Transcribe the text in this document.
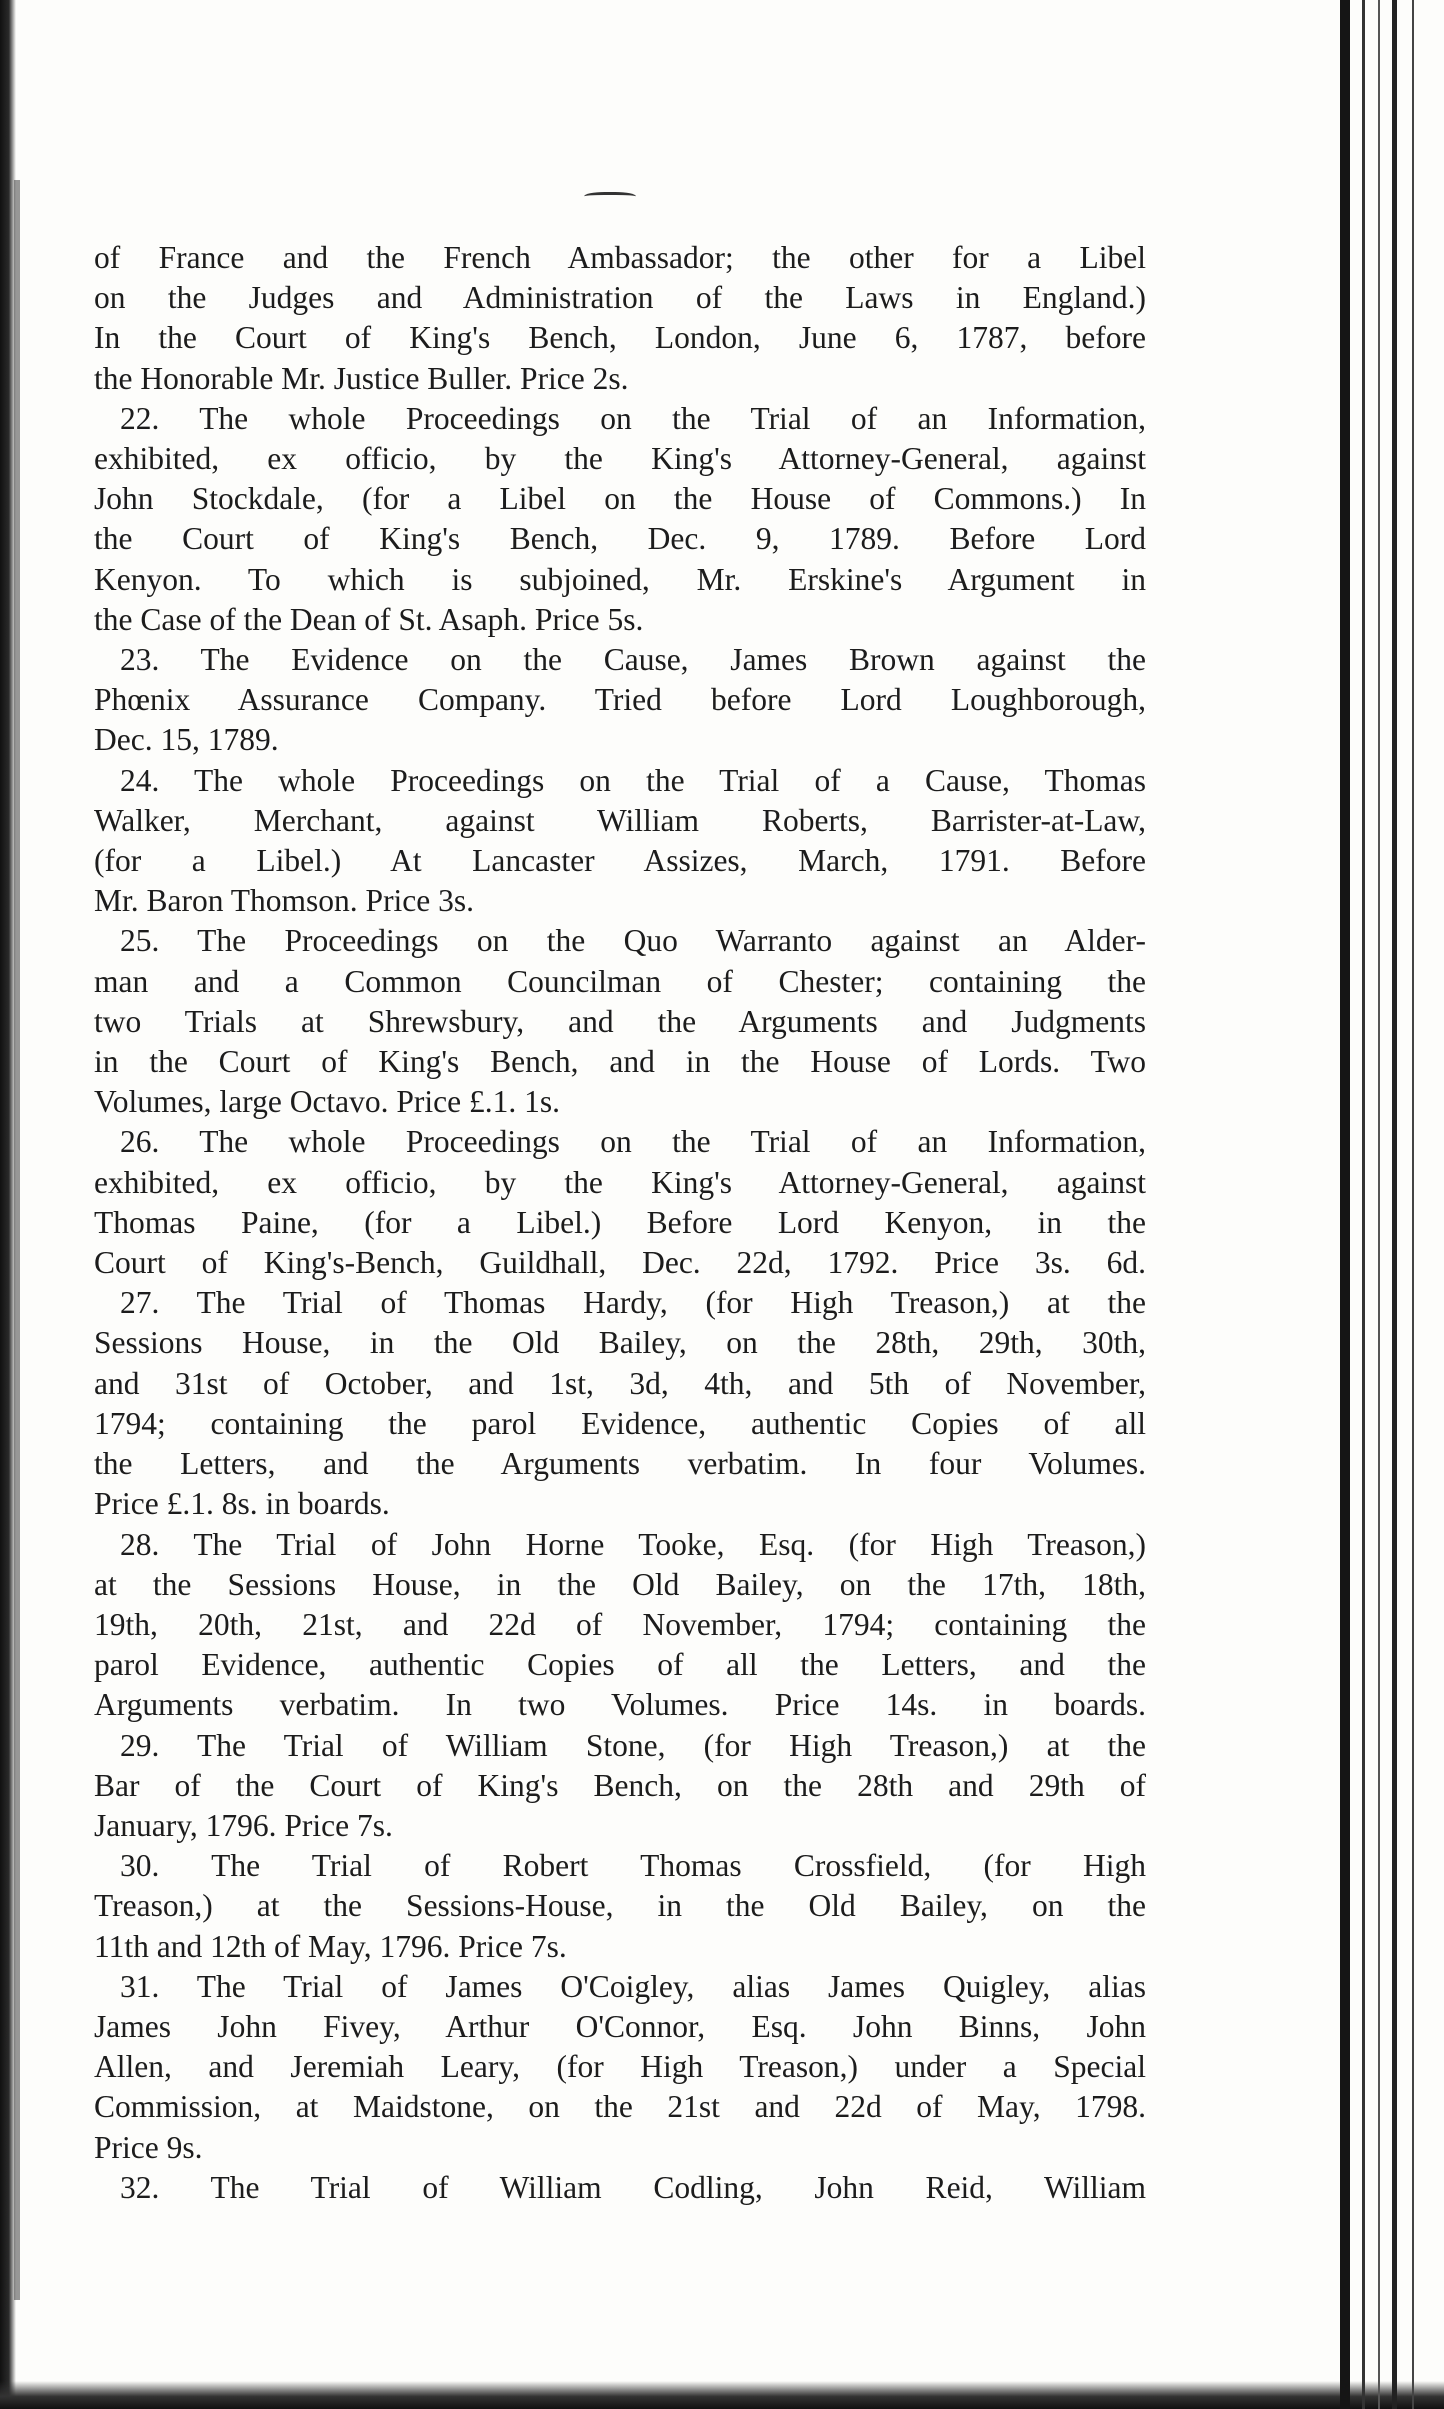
of France and the French Ambassador; the other for a Libel
on the Judges and Administration of the Laws in England.)
In the Court of King's Bench, London, June 6, 1787, before
the Honorable Mr. Justice Buller. Price 2s.
22. The whole Proceedings on the Trial of an Information,
exhibited, ex officio, by the King's Attorney-General, against
John Stockdale, (for a Libel on the House of Commons.) In
the Court of King's Bench, Dec. 9, 1789. Before Lord
Kenyon. To which is subjoined, Mr. Erskine's Argument in
the Case of the Dean of St. Asaph. Price 5s.
23. The Evidence on the Cause, James Brown against the
Phœnix Assurance Company. Tried before Lord Loughborough,
Dec. 15, 1789.
24. The whole Proceedings on the Trial of a Cause, Thomas
Walker, Merchant, against William Roberts, Barrister-at-Law,
(for a Libel.) At Lancaster Assizes, March, 1791. Before
Mr. Baron Thomson. Price 3s.
25. The Proceedings on the Quo Warranto against an Alder-
man and a Common Councilman of Chester; containing the
two Trials at Shrewsbury, and the Arguments and Judgments
in the Court of King's Bench, and in the House of Lords. Two
Volumes, large Octavo. Price £.1. 1s.
26. The whole Proceedings on the Trial of an Information,
exhibited, ex officio, by the King's Attorney-General, against
Thomas Paine, (for a Libel.) Before Lord Kenyon, in the
Court of King's-Bench, Guildhall, Dec. 22d, 1792. Price 3s. 6d.
27. The Trial of Thomas Hardy, (for High Treason,) at the
Sessions House, in the Old Bailey, on the 28th, 29th, 30th,
and 31st of October, and 1st, 3d, 4th, and 5th of November,
1794; containing the parol Evidence, authentic Copies of all
the Letters, and the Arguments verbatim. In four Volumes.
Price £.1. 8s. in boards.
28. The Trial of John Horne Tooke, Esq. (for High Treason,)
at the Sessions House, in the Old Bailey, on the 17th, 18th,
19th, 20th, 21st, and 22d of November, 1794; containing the
parol Evidence, authentic Copies of all the Letters, and the
Arguments verbatim. In two Volumes. Price 14s. in boards.
29. The Trial of William Stone, (for High Treason,) at the
Bar of the Court of King's Bench, on the 28th and 29th of
January, 1796. Price 7s.
30. The Trial of Robert Thomas Crossfield, (for High
Treason,) at the Sessions-House, in the Old Bailey, on the
11th and 12th of May, 1796. Price 7s.
31. The Trial of James O'Coigley, alias James Quigley, alias
James John Fivey, Arthur O'Connor, Esq. John Binns, John
Allen, and Jeremiah Leary, (for High Treason,) under a Special
Commission, at Maidstone, on the 21st and 22d of May, 1798.
Price 9s.
32. The Trial of William Codling, John Reid, William
